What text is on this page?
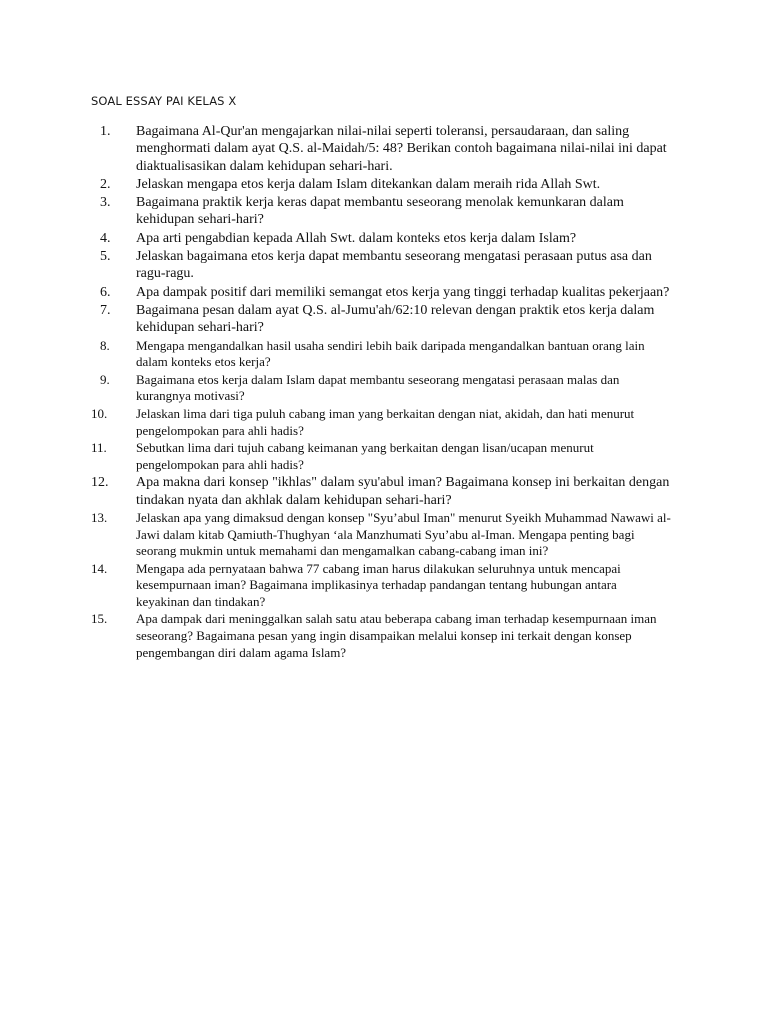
SOAL ESSAY PAI KELAS X
1.	Bagaimana Al-Qur'an mengajarkan nilai-nilai seperti toleransi, persaudaraan, dan saling menghormati dalam ayat Q.S. al-Maidah/5: 48? Berikan contoh bagaimana nilai-nilai ini dapat diaktualisasikan dalam kehidupan sehari-hari.
2.	Jelaskan mengapa etos kerja dalam Islam ditekankan dalam meraih rida Allah Swt.
3.	Bagaimana praktik kerja keras dapat membantu seseorang menolak kemunkaran dalam kehidupan sehari-hari?
4.	Apa arti pengabdian kepada Allah Swt. dalam konteks etos kerja dalam Islam?
5.	Jelaskan bagaimana etos kerja dapat membantu seseorang mengatasi perasaan putus asa dan ragu-ragu.
6.	Apa dampak positif dari memiliki semangat etos kerja yang tinggi terhadap kualitas pekerjaan?
7.	Bagaimana pesan dalam ayat Q.S. al-Jumu'ah/62:10 relevan dengan praktik etos kerja dalam kehidupan sehari-hari?
8.	Mengapa mengandalkan hasil usaha sendiri lebih baik daripada mengandalkan bantuan orang lain dalam konteks etos kerja?
9.	Bagaimana etos kerja dalam Islam dapat membantu seseorang mengatasi perasaan malas dan kurangnya motivasi?
10.	Jelaskan lima dari tiga puluh cabang iman yang berkaitan dengan niat, akidah, dan hati menurut pengelompokan para ahli hadis?
11.	Sebutkan lima dari tujuh cabang keimanan yang berkaitan dengan lisan/ucapan menurut pengelompokan para ahli hadis?
12.	Apa makna dari konsep "ikhlas" dalam syu'abul iman? Bagaimana konsep ini berkaitan dengan tindakan nyata dan akhlak dalam kehidupan sehari-hari?
13.	Jelaskan apa yang dimaksud dengan konsep "Syu’abul Iman" menurut Syeikh Muhammad Nawawi al-Jawi dalam kitab Qamiuth-Thughyan ‘ala Manzhumati Syu’abu al-Iman. Mengapa penting bagi seorang mukmin untuk memahami dan mengamalkan cabang-cabang iman ini?
14.	Mengapa ada pernyataan bahwa 77 cabang iman harus dilakukan seluruhnya untuk mencapai kesempurnaan iman? Bagaimana implikasinya terhadap pandangan tentang hubungan antara keyakinan dan tindakan?
15.	Apa dampak dari meninggalkan salah satu atau beberapa cabang iman terhadap kesempurnaan iman seseorang? Bagaimana pesan yang ingin disampaikan melalui konsep ini terkait dengan konsep pengembangan diri dalam agama Islam?
